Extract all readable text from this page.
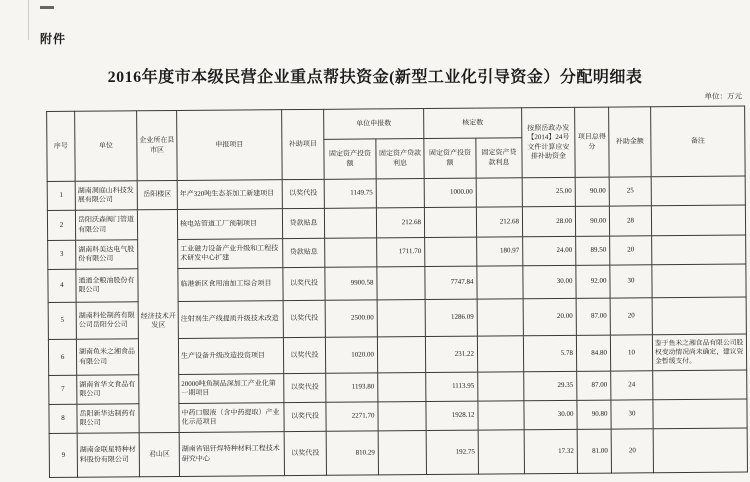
附件
2016年度市本级民营企业重点帮扶资金(新型工业化引导资金）分配明细表
单位：万元
序号	单位	企业所在县市区	申报项目	补助项目	单位申报数		核定数		按照岳政办发【2014】24号文件计算应安排补助资金	项目总得分	补助金额	备注
					固定资产投资额	固定资产贷款利息	固定资产投资额	固定资产贷款利息				
1	湖南洞庭山科技发展有限公司	岳阳楼区	年产320吨生态茶加工新建项目	以奖代投	1149.75		1000.00		25.00	90.00	25	
2	岳阳沃森阀门管道有限公司	经济技术开发区	核电站管道工厂预制项目	贷款贴息		212.68		212.68	28.00	90.00	28	
3	湖南科美达电气股份有限公司		工业磁力设备产业升级和工程技术研发中心扩建	贷款贴息		1711.70		180.97	24.00	89.50	20	
4	道道全粮油股份有限公司		临港新区食用油加工综合项目	以奖代投	9900.58		7747.84		30.00	92.00	30	
5	湖南科伦制药有限公司岳阳分公司		注射剂生产线提质升级技术改造	以奖代投	2500.00		1286.09		20.00	87.00	20	
6	湖南鱼米之湘食品有限公司		生产设备升级改造投资项目	以奖代投	1020.00		231.22		5.78	84.80	10	鉴于鱼米之湘食品有限公司股权变动情况尚未确定，建议资金暂缓支付。
7	湖南省华文食品有限公司		20000吨鱼制品深加工产业化第一期项目	以奖代投	1193.80		1113.95		29.35	87.00	24	
8	岳阳新华达制药有限公司		中药口服液（含中药提取）产业化示范项目	以奖代投	2271.70		1928.12		30.00	90.80	30	
9	湖南金联星特种材料股份有限公司	君山区	湖南省铝钎焊特种材料工程技术研究中心	以奖代投	810.29		192.75		17.32	81.00	20	
